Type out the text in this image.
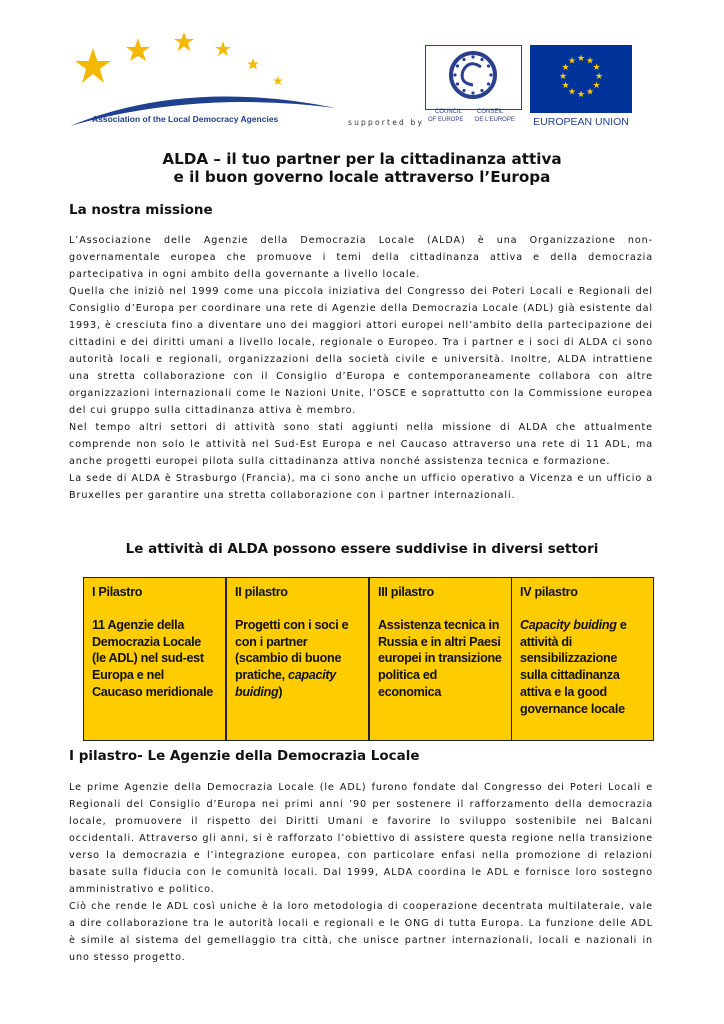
Association of the Local Democracy Agencies	supported by
COUNCIL CONSEIL
OF EUROPE DE L'EUROPE
★ ★
★
★
★
★
★
★
★
★
★
★
EUROPEAN UNION
ALDA – il tuo partner per la cittadinanza attiva
e il buon governo locale attraverso l’Europa
La nostra missione

L’Associazione delle Agenzie della Democrazia Locale (ALDA) è una Organizzazione non-governamentale europea che promuove i temi della cittadinanza attiva e della democrazia partecipativa in ogni ambito della governante a livello locale.

Quella che iniziò nel 1999 come una piccola iniziativa del Congresso dei Poteri Locali e Regionali del Consiglio d’Europa per coordinare una rete di Agenzie della Democrazia Locale (ADL) già esistente dal 1993, è cresciuta fino a diventare uno dei maggiori attori europei nell’ambito della partecipazione dei cittadini e dei diritti umani a livello locale, regionale o Europeo. Tra i partner e i soci di ALDA ci sono autorità locali e regionali, organizzazioni della società civile e università. Inoltre, ALDA intrattiene una stretta collaborazione con il Consiglio d’Europa e contemporaneamente collabora con altre organizzazioni internazionali come le Nazioni Unite, l’OSCE e soprattutto con la Commissione europea del cui gruppo sulla cittadinanza attiva è membro.

Nel tempo altri settori di attività sono stati aggiunti nella missione di ALDA che attualmente comprende non solo le attività nel Sud-Est Europa e nel Caucaso attraverso una rete di 11 ADL, ma anche progetti europei pilota sulla cittadinanza attiva nonché assistenza tecnica e formazione.

La sede di ALDA è Strasburgo (Francia), ma ci sono anche un ufficio operativo a Vicenza e un ufficio a Bruxelles per garantire una stretta collaborazione con i partner internazionali.

Le attività di ALDA possono essere suddivise in diversi settori
I Pilastro
11 Agenzie della Democrazia Locale (le ADL) nel sud-est Europa e nel Caucaso meridionale
II pilastro
Progetti con i soci e con i partner (scambio di buone pratiche, capacity buiding)
III pilastro
Assistenza tecnica in Russia e in altri Paesi europei in transizione politica ed economica
IV pilastro
Capacity buiding e attività di sensibilizzazione sulla cittadinanza attiva e la good governance locale
I pilastro- Le Agenzie della Democrazia Locale

Le prime Agenzie della Democrazia Locale (le ADL) furono fondate dal Congresso dei Poteri Locali e Regionali del Consiglio d’Europa nei primi anni ’90 per sostenere il rafforzamento della democrazia locale, promuovere il rispetto dei Diritti Umani e favorire lo sviluppo sostenibile nei Balcani occidentali. Attraverso gli anni, si è rafforzato l’obiettivo di assistere questa regione nella transizione verso la democrazia e l’integrazione europea, con particolare enfasi nella promozione di relazioni basate sulla fiducia con le comunità locali. Dal 1999, ALDA coordina le ADL e fornisce loro sostegno amministrativo e politico.

Ciò che rende le ADL così uniche è la loro metodologia di cooperazione decentrata multilaterale, vale a dire collaborazione tra le autorità locali e regionali e le ONG di tutta Europa. La funzione delle ADL è simile al sistema del gemellaggio tra città, che unisce partner internazionali, locali e nazionali in uno stesso progetto.
